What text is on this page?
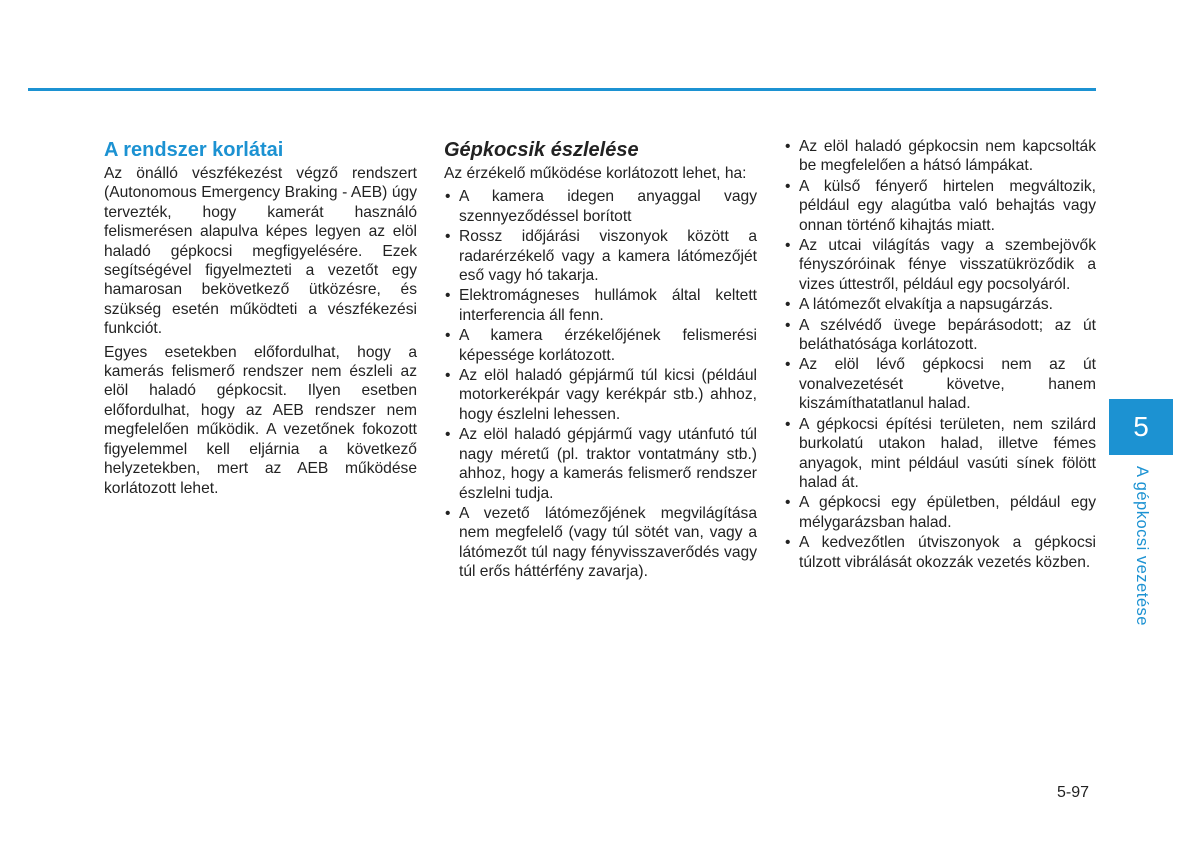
A rendszer korlátai

Az önálló vészfékezést végző rendszert (Autonomous Emergency Braking - AEB) úgy tervezték, hogy kamerát használó felismerésen alapulva képes legyen az elöl haladó gépkocsi megfigyelésére. Ezek segítségével figyelmezteti a vezetőt egy hamarosan bekövetkező ütközésre, és szükség esetén működteti a vészfékezési funkciót.

Egyes esetekben előfordulhat, hogy a kamerás felismerő rendszer nem észleli az elöl haladó gépkocsit. Ilyen esetben előfordulhat, hogy az AEB rendszer nem megfelelően működik. A vezetőnek fokozott figyelemmel kell eljárnia a következő helyzetekben, mert az AEB működése korlátozott lehet.

Gépkocsik észlelése

Az érzékelő működése korlátozott lehet, ha:

• A kamera idegen anyaggal vagy szennyeződéssel borított
• Rossz időjárási viszonyok között a radarérzékelő vagy a kamera látómezőjét eső vagy hó takarja.
• Elektromágneses hullámok által keltett interferencia áll fenn.
• A kamera érzékelőjének felismerési képessége korlátozott.
• Az elöl haladó gépjármű túl kicsi (például motorkerékpár vagy kerékpár stb.) ahhoz, hogy észlelni lehessen.
• Az elöl haladó gépjármű vagy utánfutó túl nagy méretű (pl. traktor vontatmány stb.) ahhoz, hogy a kamerás felismerő rendszer észlelni tudja.
• A vezető látómezőjének megvilágítása nem megfelelő (vagy túl sötét van, vagy a látómezőt túl nagy fényvisszaverődés vagy túl erős háttérfény zavarja).
• Az elöl haladó gépkocsin nem kapcsolták be megfelelően a hátsó lámpákat.
• A külső fényerő hirtelen megváltozik, például egy alagútba való behajtás vagy onnan történő kihajtás miatt.
• Az utcai világítás vagy a szembejövők fényszóróinak fénye visszatükröződik a vizes úttestről, például egy pocsolyáról.
• A látómezőt elvakítja a napsugárzás.
• A szélvédő üvege bepárásodott; az út beláthatósága korlátozott.
• Az elöl lévő gépkocsi nem az út vonalvezetését követve, hanem kiszámíthatatlanul halad.
• A gépkocsi építési területen, nem szilárd burkolatú utakon halad, illetve fémes anyagok, mint például vasúti sínek fölött halad át.
• A gépkocsi egy épületben, például egy mélygarázsban halad.
• A kedvezőtlen útviszonyok a gépkocsi túlzott vibrálását okozzák vezetés közben.
5
A gépkocsi vezetése
5-97
